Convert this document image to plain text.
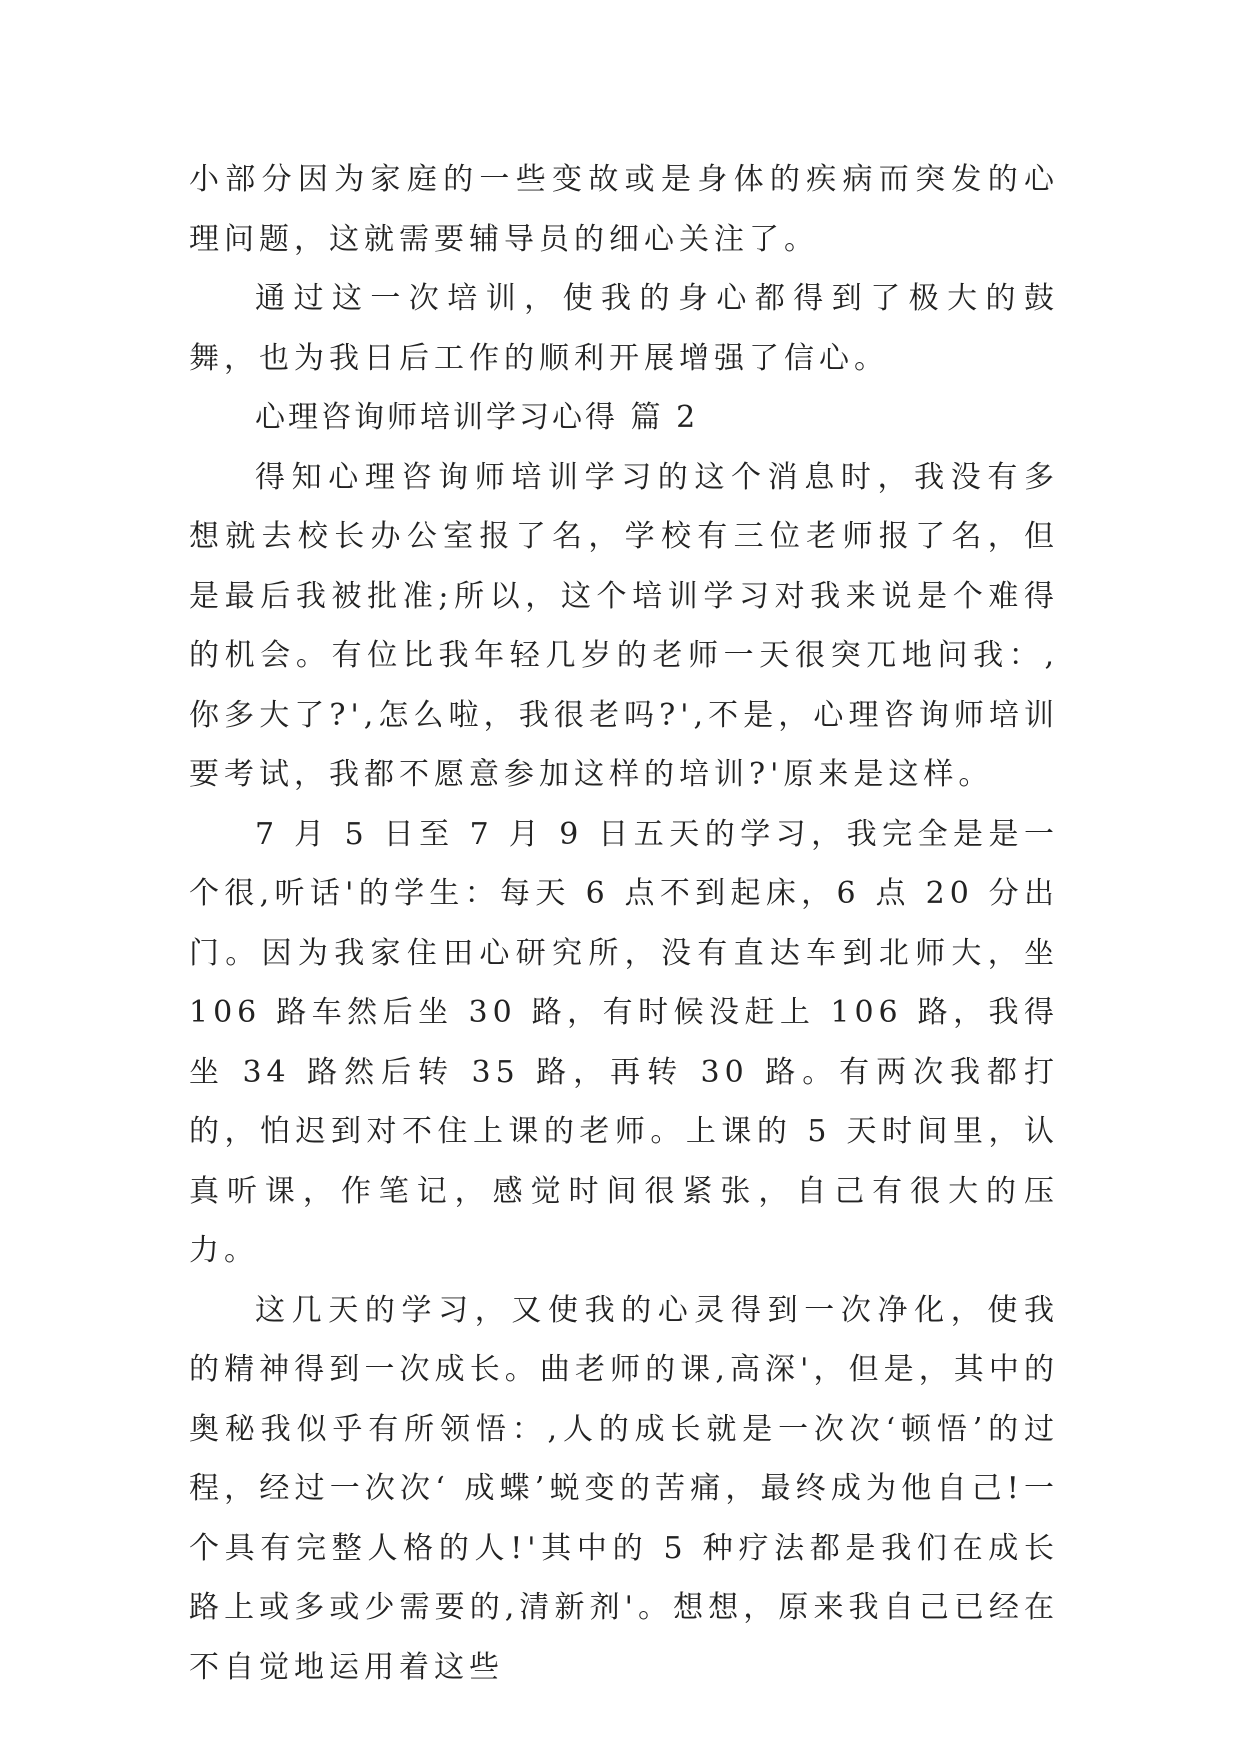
小部分因为家庭的一些变故或是身体的疾病而突发的心理问题，这就需要辅导员的细心关注了。

通过这一次培训，使我的身心都得到了极大的鼓舞，也为我日后工作的顺利开展增强了信心。

心理咨询师培训学习心得 篇 2

得知心理咨询师培训学习的这个消息时，我没有多想就去校长办公室报了名，学校有三位老师报了名，但是最后我被批准;所以，这个培训学习对我来说是个难得的机会。有位比我年轻几岁的老师一天很突兀地问我：,你多大了?',怎么啦，我很老吗?',不是，心理咨询师培训要考试，我都不愿意参加这样的培训?'原来是这样。

7 月 5 日至 7 月 9 日五天的学习，我完全是是一个很,听话'的学生：每天 6 点不到起床，6 点 20 分出门。因为我家住田心研究所，没有直达车到北师大，坐 106 路车然后坐 30 路，有时候没赶上 106 路，我得坐 34 路然后转 35 路，再转 30 路。有两次我都打的，怕迟到对不住上课的老师。上课的 5 天时间里，认真听课，作笔记，感觉时间很紧张，自己有很大的压力。

这几天的学习，又使我的心灵得到一次净化，使我的精神得到一次成长。曲老师的课,高深'，但是，其中的奥秘我似乎有所领悟：,人的成长就是一次次‘顿悟’的过程，经过一次次‘ 成蝶’蜕变的苦痛，最终成为他自己!一个具有完整人格的人!'其中的 5 种疗法都是我们在成长路上或多或少需要的,清新剂'。想想，原来我自己已经在不自觉地运用着这些
